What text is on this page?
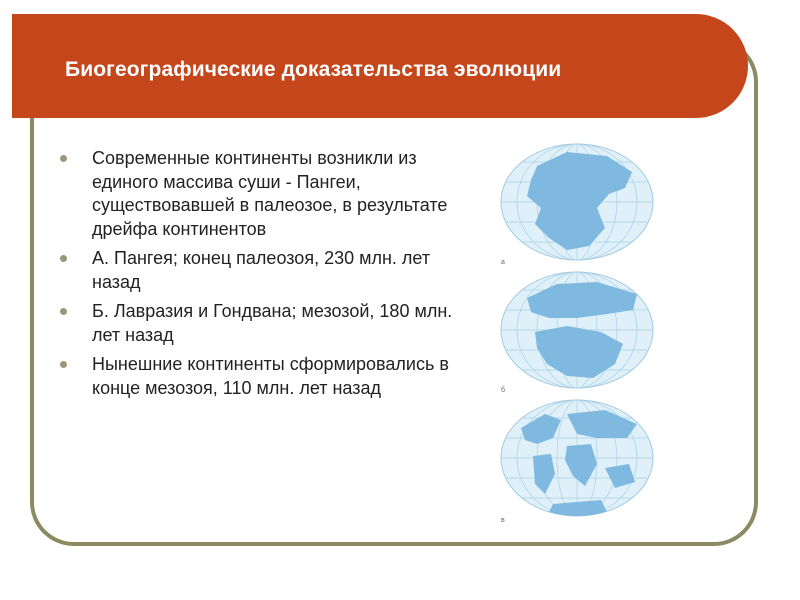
Биогеографические доказательства эволюции
Современные континенты возникли из единого массива суши - Пангеи, существовавшей в палеозое, в результате дрейфа континентов
А. Пангея; конец палеозоя, 230 млн. лет назад
Б. Лавразия и Гондвана; мезозой, 180 млн. лет назад
Нынешние континенты сформировались в конце мезозоя, 110 млн. лет назад
а
б
в
